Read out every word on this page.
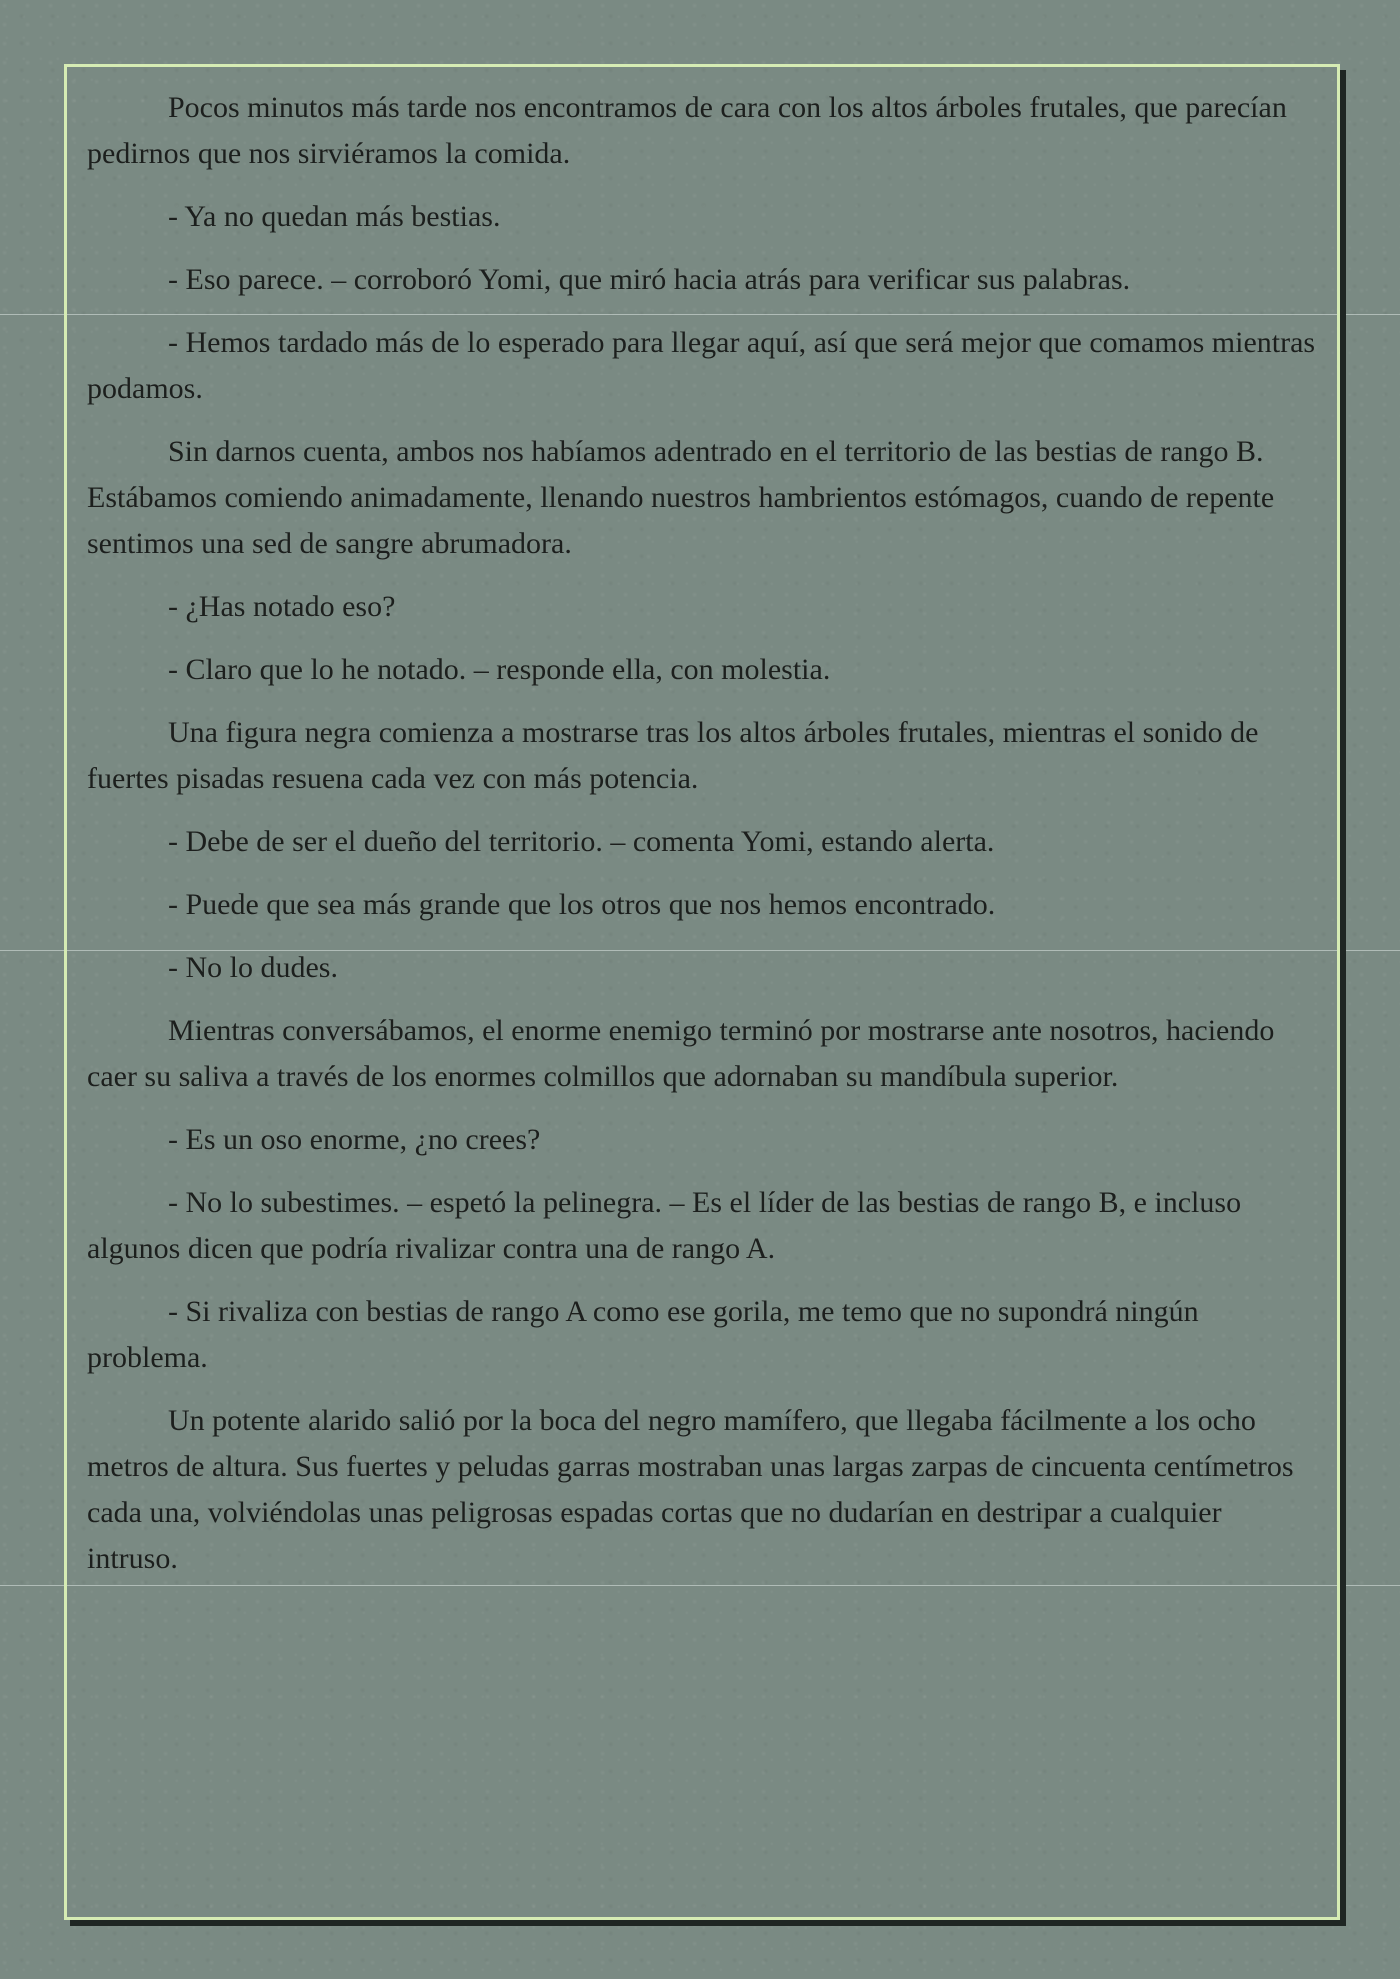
Pocos minutos más tarde nos encontramos de cara con los altos árboles frutales, que parecían pedirnos que nos sirviéramos la comida.

- Ya no quedan más bestias.

- Eso parece. – corroboró Yomi, que miró hacia atrás para verificar sus palabras.

- Hemos tardado más de lo esperado para llegar aquí, así que será mejor que comamos mientras podamos.

Sin darnos cuenta, ambos nos habíamos adentrado en el territorio de las bestias de rango B. Estábamos comiendo animadamente, llenando nuestros hambrientos estómagos, cuando de repente sentimos una sed de sangre abrumadora.

- ¿Has notado eso?

- Claro que lo he notado. – responde ella, con molestia.

Una figura negra comienza a mostrarse tras los altos árboles frutales, mientras el sonido de fuertes pisadas resuena cada vez con más potencia.

- Debe de ser el dueño del territorio. – comenta Yomi, estando alerta.

- Puede que sea más grande que los otros que nos hemos encontrado.

- No lo dudes.

Mientras conversábamos, el enorme enemigo terminó por mostrarse ante nosotros, haciendo caer su saliva a través de los enormes colmillos que adornaban su mandíbula superior.

- Es un oso enorme, ¿no crees?

- No lo subestimes. – espetó la pelinegra. – Es el líder de las bestias de rango B, e incluso algunos dicen que podría rivalizar contra una de rango A.

- Si rivaliza con bestias de rango A como ese gorila, me temo que no supondrá ningún problema.

Un potente alarido salió por la boca del negro mamífero, que llegaba fácilmente a los ocho metros de altura. Sus fuertes y peludas garras mostraban unas largas zarpas de cincuenta centímetros cada una, volviéndolas unas peligrosas espadas cortas que no dudarían en destripar a cualquier intruso.
